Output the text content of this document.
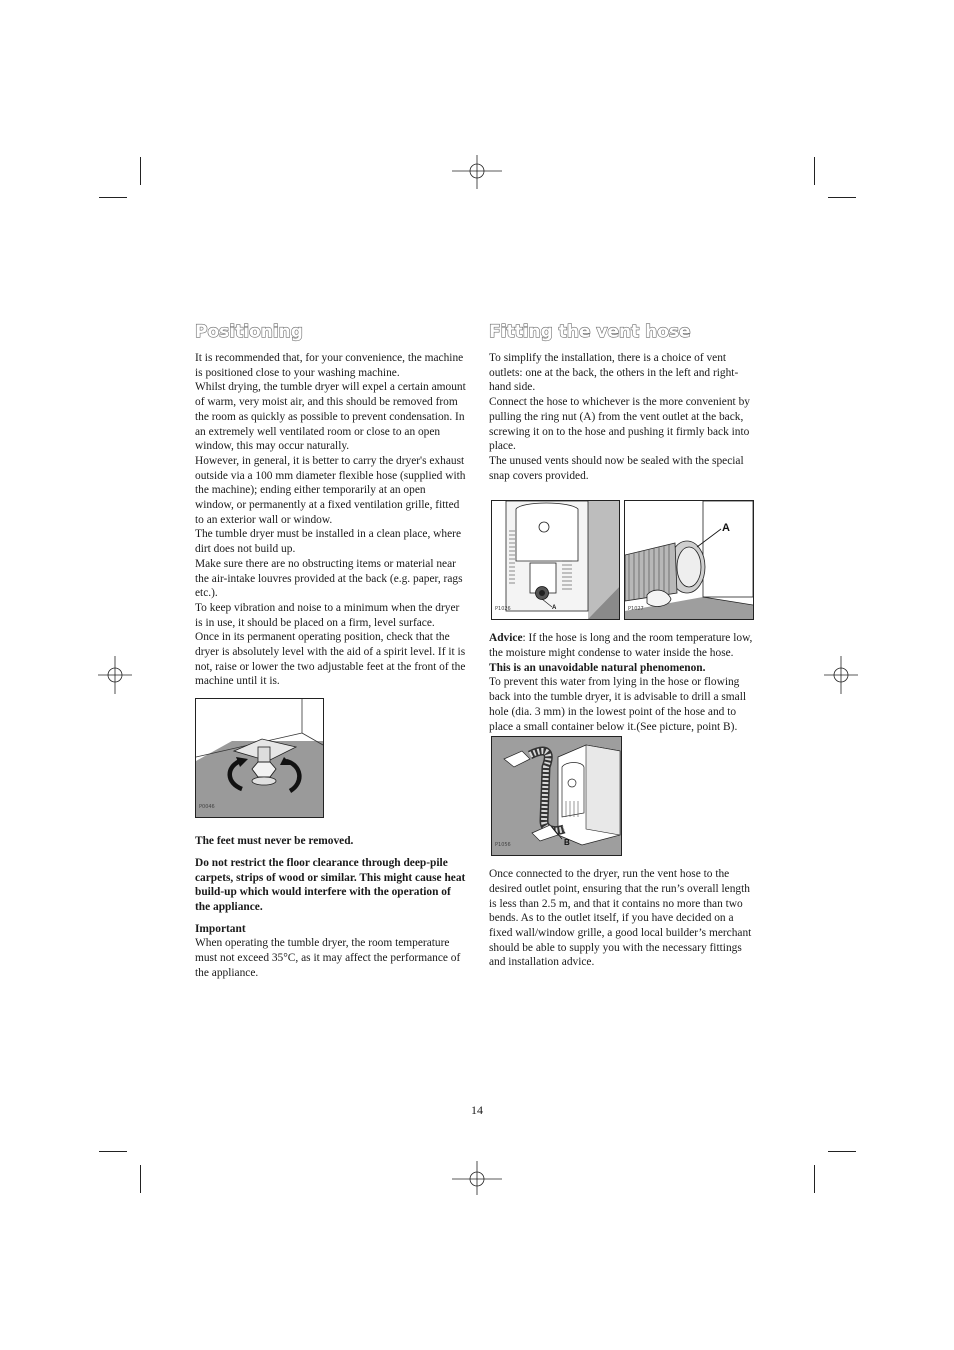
Positioning

It is recommended that, for your convenience, the machine is positioned close to your washing machine.

Whilst drying, the tumble dryer will expel a certain amount of warm, very moist air, and this should be removed from the room as quickly as possible to prevent condensation. In an extremely well ventilated room or close to an open window, this may occur naturally.

However, in general, it is better to carry the dryer's exhaust outside via a 100 mm diameter flexible hose (supplied with the machine); ending either temporarily at an open window, or permanently at a fixed ventilation grille, fitted to an exterior wall or window.

The tumble dryer must be installed in a clean place, where dirt does not build up.

Make sure there are no obstructing items or material near the air-intake louvres provided at the back (e.g. paper, rags etc.).

To keep vibration and noise to a minimum when the dryer is in use, it should be placed on a firm, level surface.

Once in its permanent operating position, check that the dryer is absolutely level with the aid of a spirit level. If it is not, raise or lower the two adjustable feet at the front of the machine until it is.

P0046

The feet must never be removed.

Do not restrict the floor clearance through deep-pile carpets, strips of wood or similar. This might cause heat build-up which would interfere with the operation of the appliance.

Important

When operating the tumble dryer, the room temperature must not exceed 35°C, as it may affect the performance of the appliance.

Fitting the vent hose

To simplify the installation, there is a choice of vent outlets: one at the back, the others in the left and right-hand side.

Connect the hose to whichever is the more convenient by pulling the ring nut (A) from the vent outlet at the back, screwing it on to the hose and pushing it firmly back into place.

The unused vents should now be sealed with the special snap covers provided.

P1026	A	P1027
A

Advice: If the hose is long and the room temperature low, the moisture might condense to water inside the hose. This is an unavoidable natural phenomenon.

To prevent this water from lying in the hose or flowing back into the tumble dryer, it is advisable to drill a small hole (dia. 3 mm) in the lowest point of the hose and to place a small container below it.(See picture, point B).

P1056	B

Once connected to the dryer, run the vent hose to the desired outlet point, ensuring that the run’s overall length is less than 2.5 m, and that it contains no more than two bends. As to the outlet itself, if you have decided on a fixed wall/window grille, a good local builder’s merchant should be able to supply you with the necessary fittings and installation advice.

14
